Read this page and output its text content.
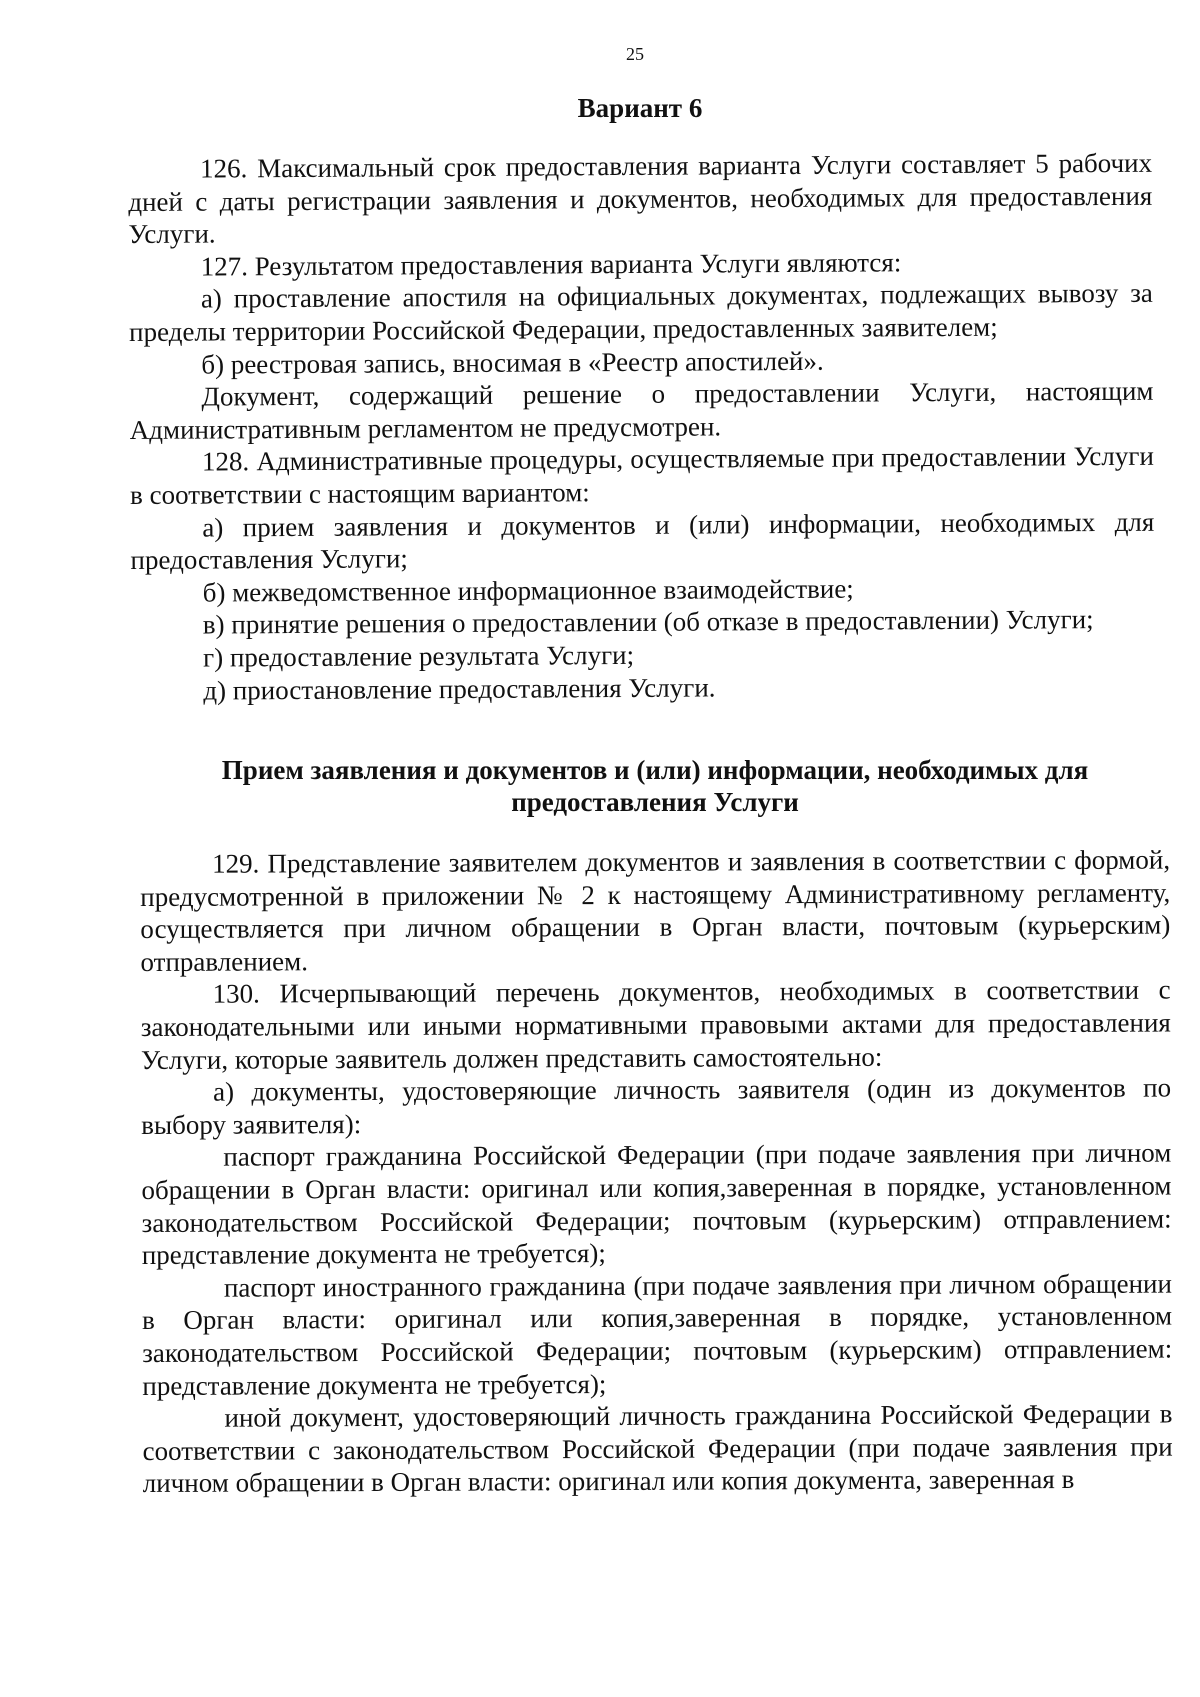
25
Вариант 6

126. Максимальный срок предоставления варианта Услуги составляет 5 рабочих дней с даты регистрации заявления и документов, необходимых для предоставления Услуги.

127. Результатом предоставления варианта Услуги являются:

а) проставление апостиля на официальных документах, подлежащих вывозу за пределы территории Российской Федерации, предоставленных заявителем;

б) реестровая запись, вносимая в «Реестр апостилей».

Документ, содержащий решение о предоставлении Услуги, настоящим Административным регламентом не предусмотрен.

128. Административные процедуры, осуществляемые при предоставлении Услуги в соответствии с настоящим вариантом:

а) прием заявления и документов и (или) информации, необходимых для предоставления Услуги;

б) межведомственное информационное взаимодействие;

в) принятие решения о предоставлении (об отказе в предоставлении) Услуги;

г) предоставление результата Услуги;

д) приостановление предоставления Услуги.

Прием заявления и документов и (или) информации, необходимых для
предоставления Услуги

129. Представление заявителем документов и заявления в соответствии с формой, предусмотренной в приложении № 2 к настоящему Административному регламенту, осуществляется при личном обращении в Орган власти, почтовым (курьерским) отправлением.

130. Исчерпывающий перечень документов, необходимых в соответствии с законодательными или иными нормативными правовыми актами для предоставления Услуги, которые заявитель должен представить самостоятельно:

а) документы, удостоверяющие личность заявителя (один из документов по выбору заявителя):

паспорт гражданина Российской Федерации (при подаче заявления при личном обращении в Орган власти: оригинал или копия,заверенная в порядке, установленном законодательством Российской Федерации; почтовым (курьерским) отправлением: представление документа не требуется);

паспорт иностранного гражданина (при подаче заявления при личном обращении в Орган власти: оригинал или копия,заверенная в порядке, установленном законодательством Российской Федерации; почтовым (курьерским) отправлением: представление документа не требуется);

иной документ, удостоверяющий личность гражданина Российской Федерации в соответствии с законодательством Российской Федерации (при подаче заявления при личном обращении в Орган власти: оригинал или копия документа, заверенная в
